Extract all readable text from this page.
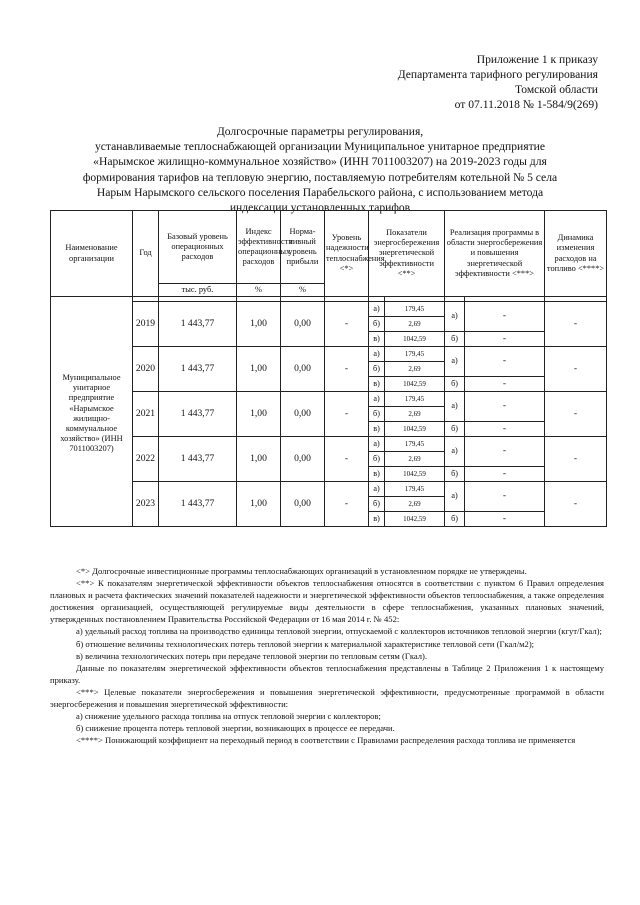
Приложение 1 к приказу
Департамента тарифного регулирования
Томской области
от 07.11.2018 № 1-584/9(269)
Долгосрочные параметры регулирования,
устанавливаемые теплоснабжающей организации Муниципальное унитарное предприятие
«Нарымское жилищно-коммунальное хозяйство» (ИНН 7011003207) на 2019-2023 годы для
формирования тарифов на тепловую энергию, поставляемую потребителям котельной № 5 села
Нарым Нарымского сельского поселения Парабельского района, с использованием метода
индексации установленных тарифов
Наименование организации	Год	Базовый уровень операционных расходов	Индекс эффективности операционных расходов	Норма-тивный уровень прибыли	Уровень надежности теплоснабжения <*>	Показатели энергосбережения энергетической эффективности <**>		Реализация программы в области энергосбережения и повышения энергетической эффективности <***>		Динамика изменения расходов на топливо <****>
		тыс. руб.	%	%						

Муниципальное унитарное предприятие «Нарымское жилищно-коммунальное хозяйство» (ИНН 7011003207)	2019	1 443,77	1,00	0,00	-	а)	179,45	а)	-	-
						б)	2,69			
						в)	1042,59	б)	-	
	2020	1 443,77	1,00	0,00	-	а)	179,45	а)	-	-
						б)	2,69			
						в)	1042,59	б)	-	
	2021	1 443,77	1,00	0,00	-	а)	179,45	а)	-	-
						б)	2,69			
						в)	1042,59	б)	-	
	2022	1 443,77	1,00	0,00	-	а)	179,45	а)	-	-
						б)	2,69			
						в)	1042,59	б)	-	
	2023	1 443,77	1,00	0,00	-	а)	179,45	а)	-	-
						б)	2,69			
						в)	1042,59	б)	-	

<*> Долгосрочные инвестиционные программы теплоснабжающих организаций в установленном порядке не утверждены.

<**> К показателям энергетической эффективности объектов теплоснабжения относятся в соответствии с пунктом 6 Правил определения плановых и расчета фактических значений показателей надежности и энергетической эффективности объектов теплоснабжения, а также определения достижения организацией, осуществляющей регулируемые виды деятельности в сфере теплоснабжения, указанных плановых значений, утвержденных постановлением Правительства Российской Федерации от 16 мая 2014 г. № 452:

а) удельный расход топлива на производство единицы тепловой энергии, отпускаемой с коллекторов источников тепловой энергии (кгут/Гкал);

б) отношение величины технологических потерь тепловой энергии к материальной характеристике тепловой сети (Гкал/м2);

в) величина технологических потерь при передаче тепловой энергии по тепловым сетям (Гкал).

Данные по показателям энергетической эффективности объектов теплоснабжения представлены в Таблице 2 Приложения 1 к настоящему приказу.

<***> Целевые показатели энергосбережения и повышения энергетической эффективности, предусмотренные программой в области энергосбережения и повышения энергетической эффективности:

а) снижение удельного расхода топлива на отпуск тепловой энергии с коллекторов;

б) снижение процента потерь тепловой энергии, возникающих в процессе ее передачи.

<****> Понижающий коэффициент на переходный период в соответствии с Правилами распределения расхода топлива не применяется
